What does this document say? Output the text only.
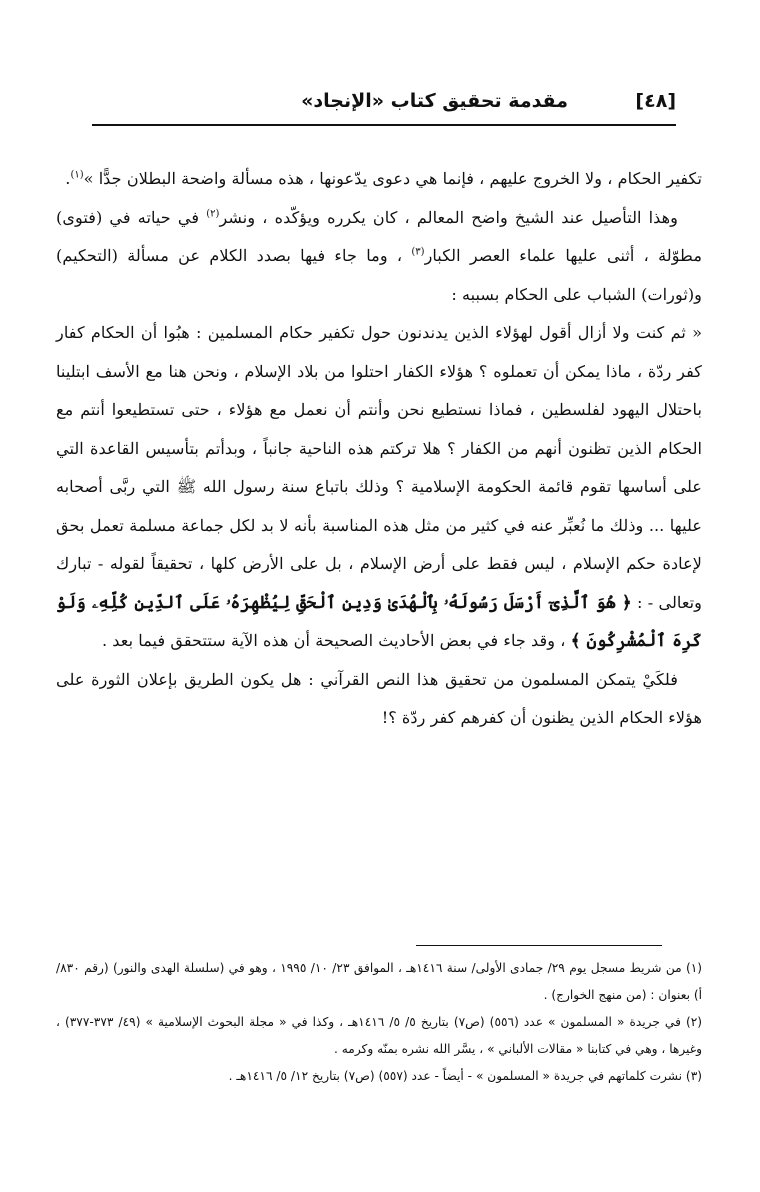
[٤٨]
مقدمة تحقيق كتاب «الإنجاد»

تكفير الحكام ، ولا الخروج عليهم ، فإنما هي دعوى يدّعونها ، هذه مسألة واضحة البطلان جدًّا »$^{(١)}$.

وهذا التأصيل عند الشيخ واضح المعالم ، كان يكرره ويؤكّده ، ونشر$^{(٢)}$ في حياته في (فتوى) مطوّلة ، أثنى عليها علماء العصر الكبار$^{(٣)}$ ، وما جاء فيها بصدد الكلام عن مسألة (التحكيم) و(ثورات) الشباب على الحكام بسببه :

« ثم كنت ولا أزال أقول لهؤلاء الذين يدندنون حول تكفير حكام المسلمين : هبُوا أن الحكام كفار كفر ردّة ، ماذا يمكن أن تعملوه ؟ هؤلاء الكفار احتلوا من بلاد الإسلام ، ونحن هنا مع الأسف ابتلينا باحتلال اليهود لفلسطين ، فماذا نستطيع نحن وأنتم أن نعمل مع هؤلاء ، حتى تستطيعوا أنتم مع الحكام الذين تظنون أنهم من الكفار ؟ هلا تركتم هذه الناحية جانباً ، وبدأتم بتأسيس القاعدة التي على أساسها تقوم قائمة الحكومة الإسلامية ؟ وذلك باتباع سنة رسول الله ﷺ التي ربَّى أصحابه عليها ... وذلك ما نُعبِّر عنه في كثير من مثل هذه المناسبة بأنه لا بد لكل جماعة مسلمة تعمل بحق لإعادة حكم الإسلام ، ليس فقط على أرض الإسلام ، بل على الأرض كلها ، تحقيقاً لقوله - تبارك وتعالى - : ﴿ هُوَ ٱلَّذِىٓ أَرْسَلَ رَسُولَهُۥ بِٱلْهُدَىٰ وَدِينِ ٱلْحَقِّ لِيُظْهِرَهُۥ عَلَى ٱلدِّينِ كُلِّهِۦ وَلَوْ كَرِهَ ٱلْمُشْرِكُونَ ﴾ ، وقد جاء في بعض الأحاديث الصحيحة أن هذه الآية ستتحقق فيما بعد .

فلكَيْ يتمكن المسلمون من تحقيق هذا النص القرآني : هل يكون الطريق بإعلان الثورة على هؤلاء الحكام الذين يظنون أن كفرهم كفر ردّة ؟!

(١) من شريط مسجل يوم ٢٩/ جمادى الأولى/ سنة ١٤١٦هـ ، الموافق ٢٣/ ١٠/ ١٩٩٥ ، وهو في (سلسلة الهدى والنور) (رقم ٨٣٠/ أ) بعنوان : (من منهج الخوارج) .

(٢) في جريدة « المسلمون » عدد (٥٥٦) (ص٧) بتاريخ ٥/ ٥/ ١٤١٦هـ ، وكذا في « مجلة البحوث الإسلامية » (٤٩/ ٣٧٣-٣٧٧) ، وغيرها ، وهي في كتابنا « مقالات الألباني » ، يسَّر الله نشره بمنّه وكرمه .

(٣) نشرت كلماتهم في جريدة « المسلمون » - أيضاً - عدد (٥٥٧) (ص٧) بتاريخ ١٢/ ٥/ ١٤١٦هـ .
